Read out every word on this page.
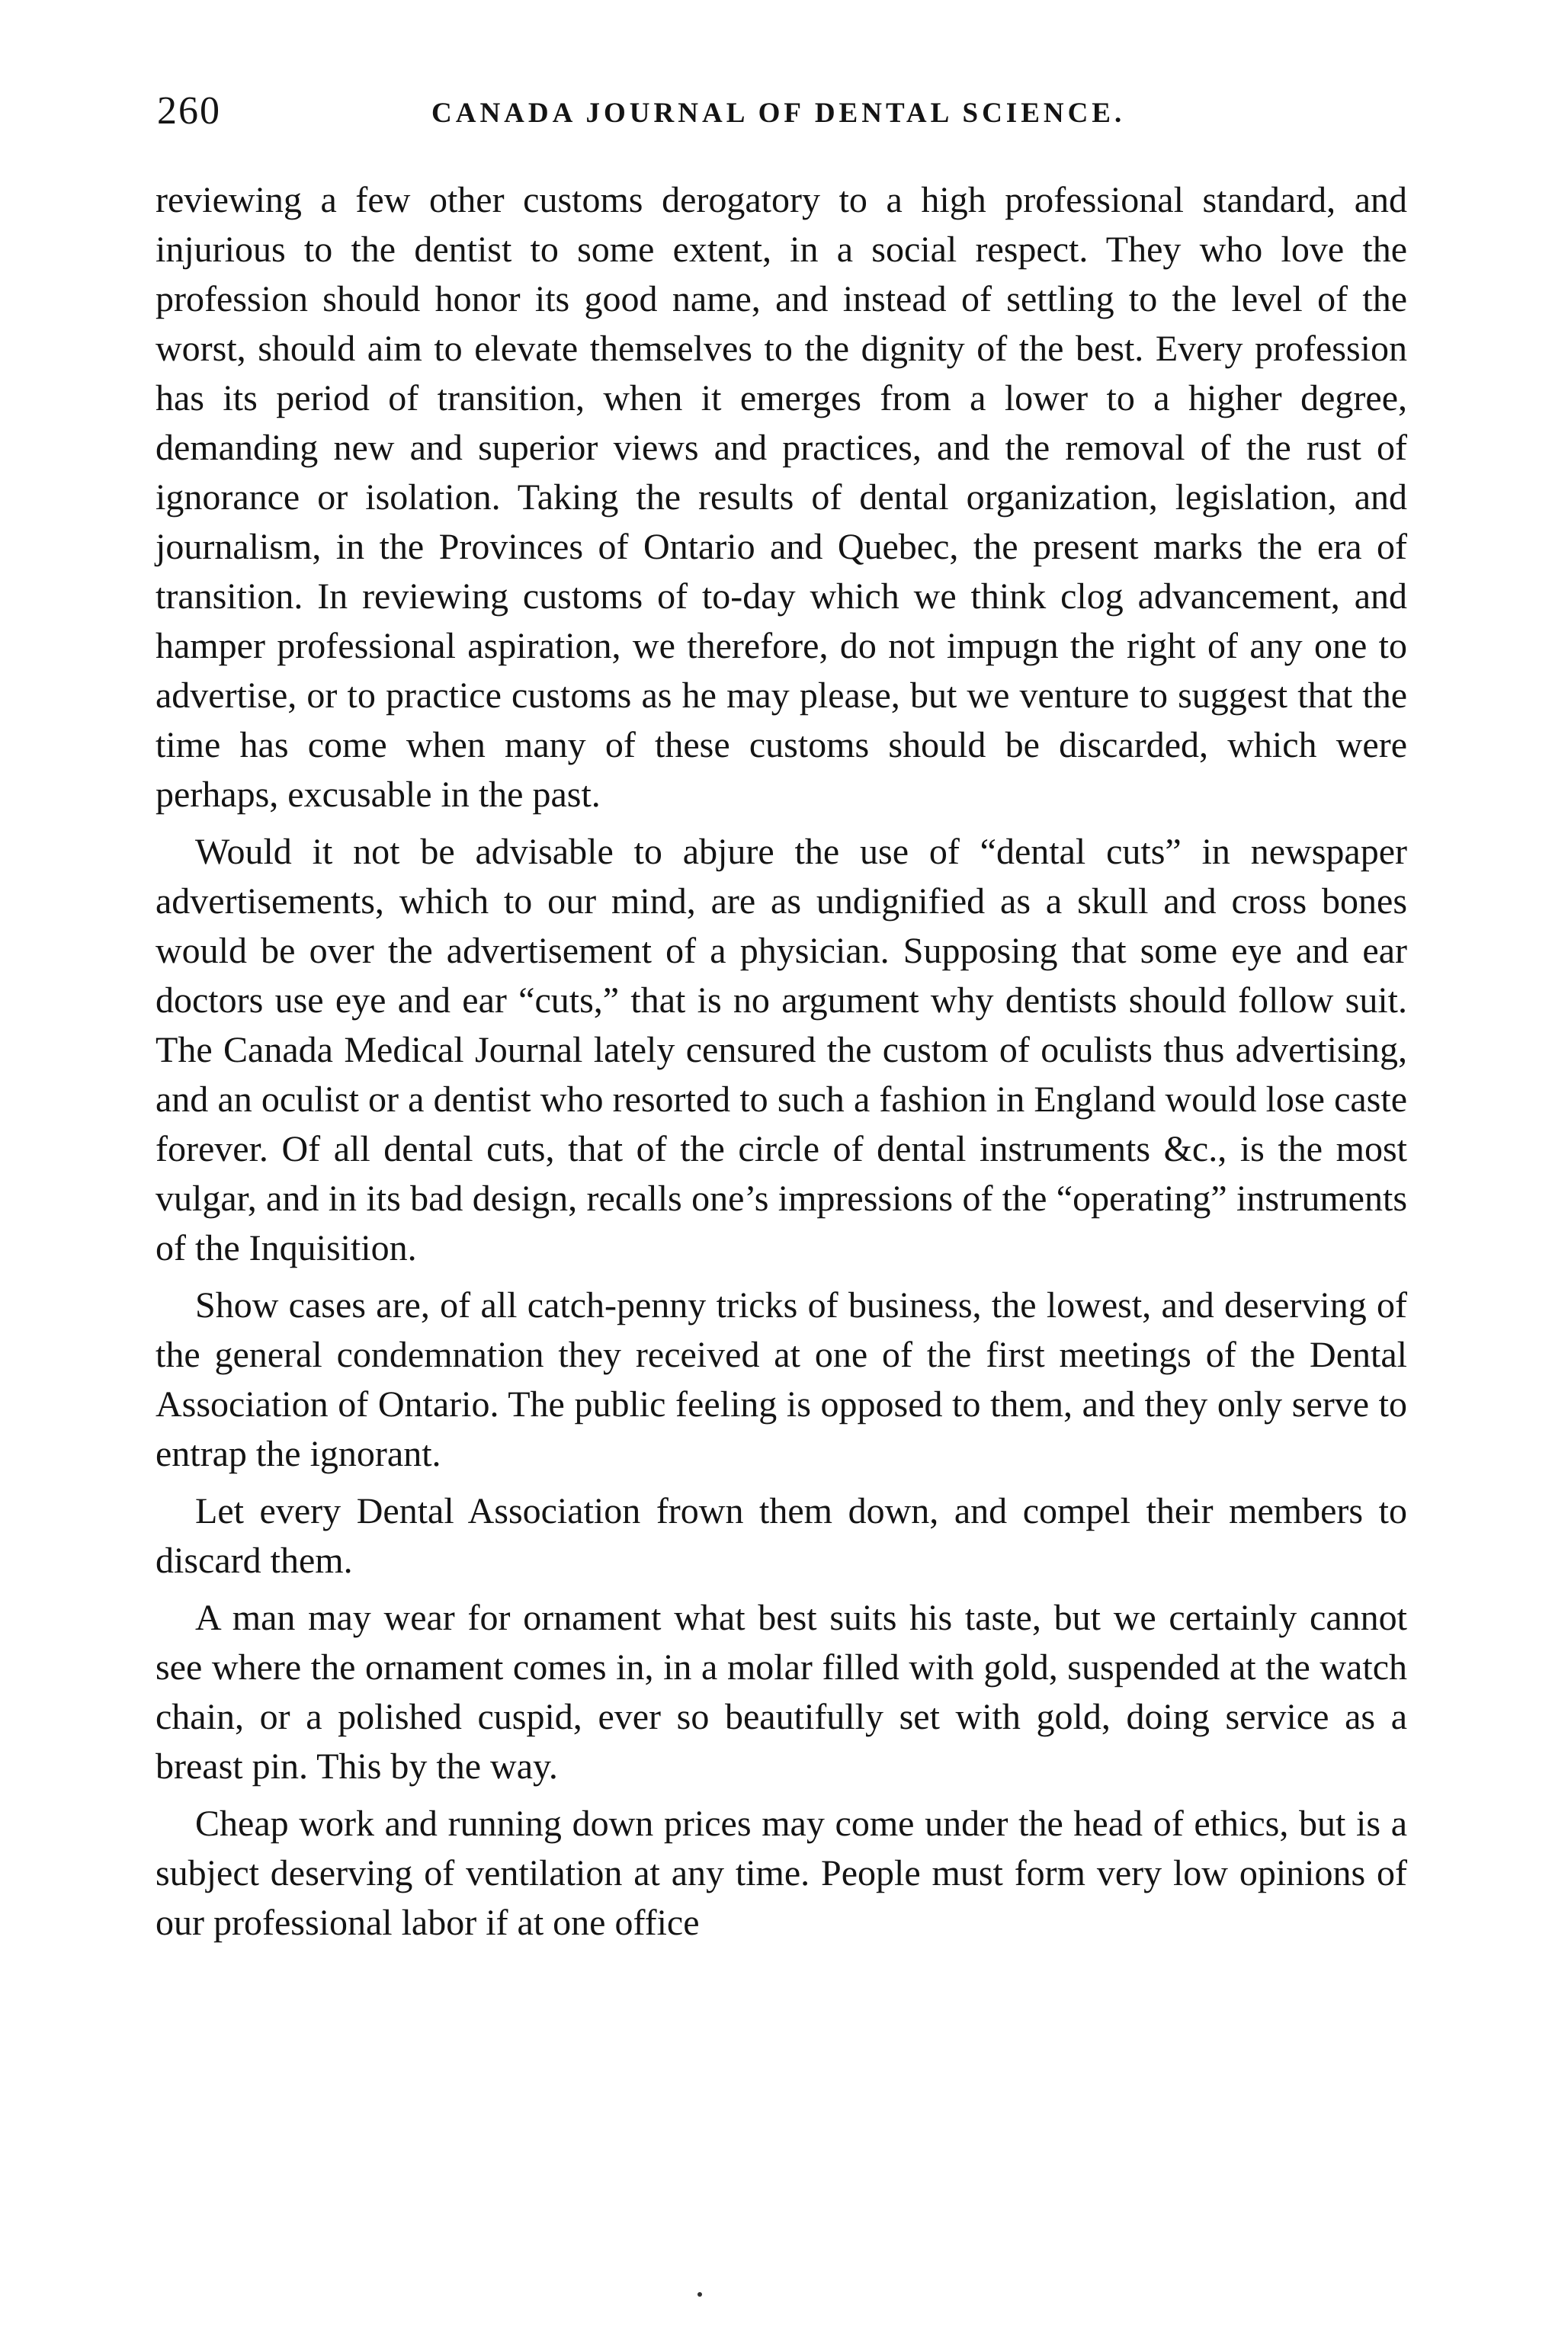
260	CANADA JOURNAL OF DENTAL SCIENCE.

reviewing a few other customs derogatory to a high professional standard, and injurious to the dentist to some extent, in a social respect. They who love the profession should honor its good name, and instead of settling to the level of the worst, should aim to elevate themselves to the dignity of the best. Every profession has its period of transition, when it emerges from a lower to a higher degree, demanding new and superior views and practices, and the removal of the rust of ignorance or isolation. Taking the results of dental organization, legislation, and journalism, in the Provinces of Ontario and Quebec, the present marks the era of transition. In reviewing customs of to-day which we think clog advancement, and hamper professional aspiration, we therefore, do not impugn the right of any one to advertise, or to practice customs as he may please, but we venture to suggest that the time has come when many of these customs should be discarded, which were perhaps, excusable in the past.

Would it not be advisable to abjure the use of “dental cuts” in newspaper advertisements, which to our mind, are as undignified as a skull and cross bones would be over the advertisement of a physician. Supposing that some eye and ear doctors use eye and ear “cuts,” that is no argument why dentists should follow suit. The Canada Medical Journal lately censured the custom of oculists thus advertising, and an oculist or a dentist who resorted to such a fashion in England would lose caste forever. Of all dental cuts, that of the circle of dental instruments &c., is the most vulgar, and in its bad design, recalls one’s impressions of the “operating” instruments of the Inquisition.

Show cases are, of all catch-penny tricks of business, the lowest, and deserving of the general condemnation they received at one of the first meetings of the Dental Association of Ontario. The public feeling is opposed to them, and they only serve to entrap the ignorant.

Let every Dental Association frown them down, and compel their members to discard them.

A man may wear for ornament what best suits his taste, but we certainly cannot see where the ornament comes in, in a molar filled with gold, suspended at the watch chain, or a polished cuspid, ever so beautifully set with gold, doing service as a breast pin. This by the way.

Cheap work and running down prices may come under the head of ethics, but is a subject deserving of ventilation at any time. People must form very low opinions of our professional labor if at one office
